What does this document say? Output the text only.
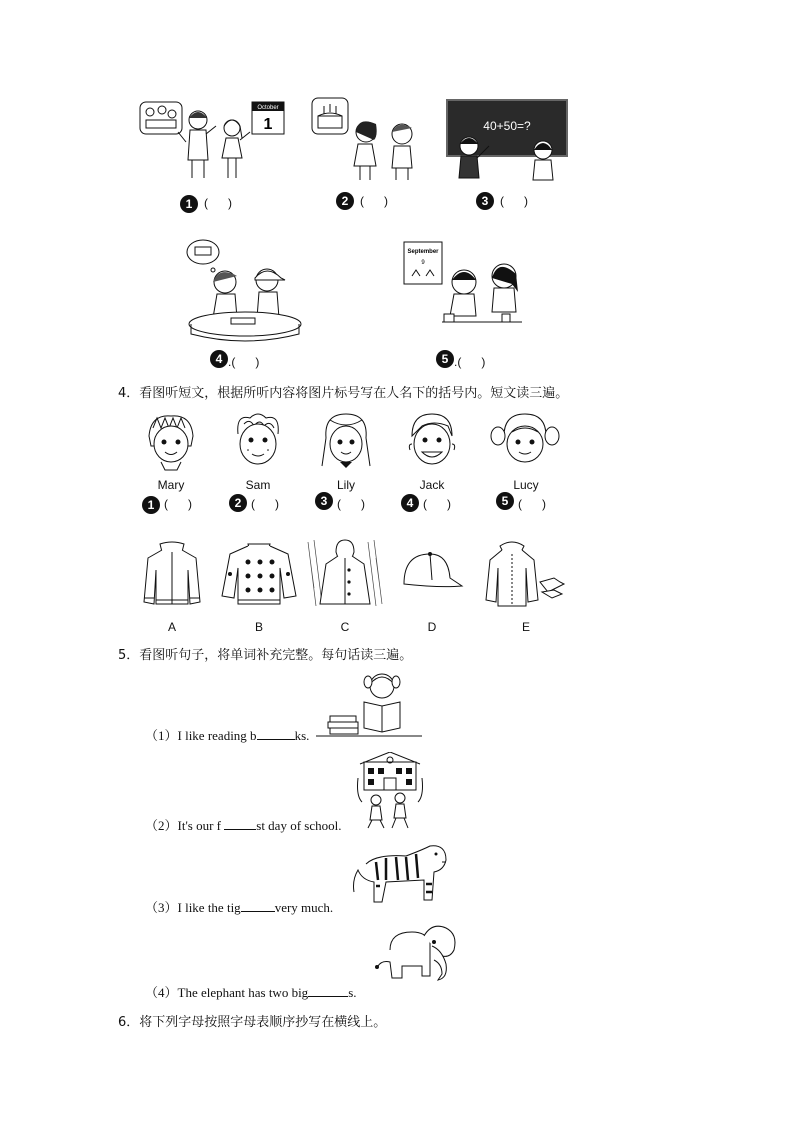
October
1	40+50=?
1 (      )	2 (      )	3 (      )
September
9
4 .(      )	5 .(      )
4．看图听短文，根据所听内容将图片标号写在人名下的括号内。短文读三遍。
Mary	Sam	Lily	Jack	Lucy
1 (      )	2 (      )	3 (      )	4 (      )	5 (      )
A	B	C	D	E
5．看图听句子，将单词补充完整。每句话读三遍。
（1）I like reading b	ks.
（2）It's our f st day of school.
（3）I like the tig	very much.
（4）The elephant has two big	s.
6．将下列字母按照字母表顺序抄写在横线上。
